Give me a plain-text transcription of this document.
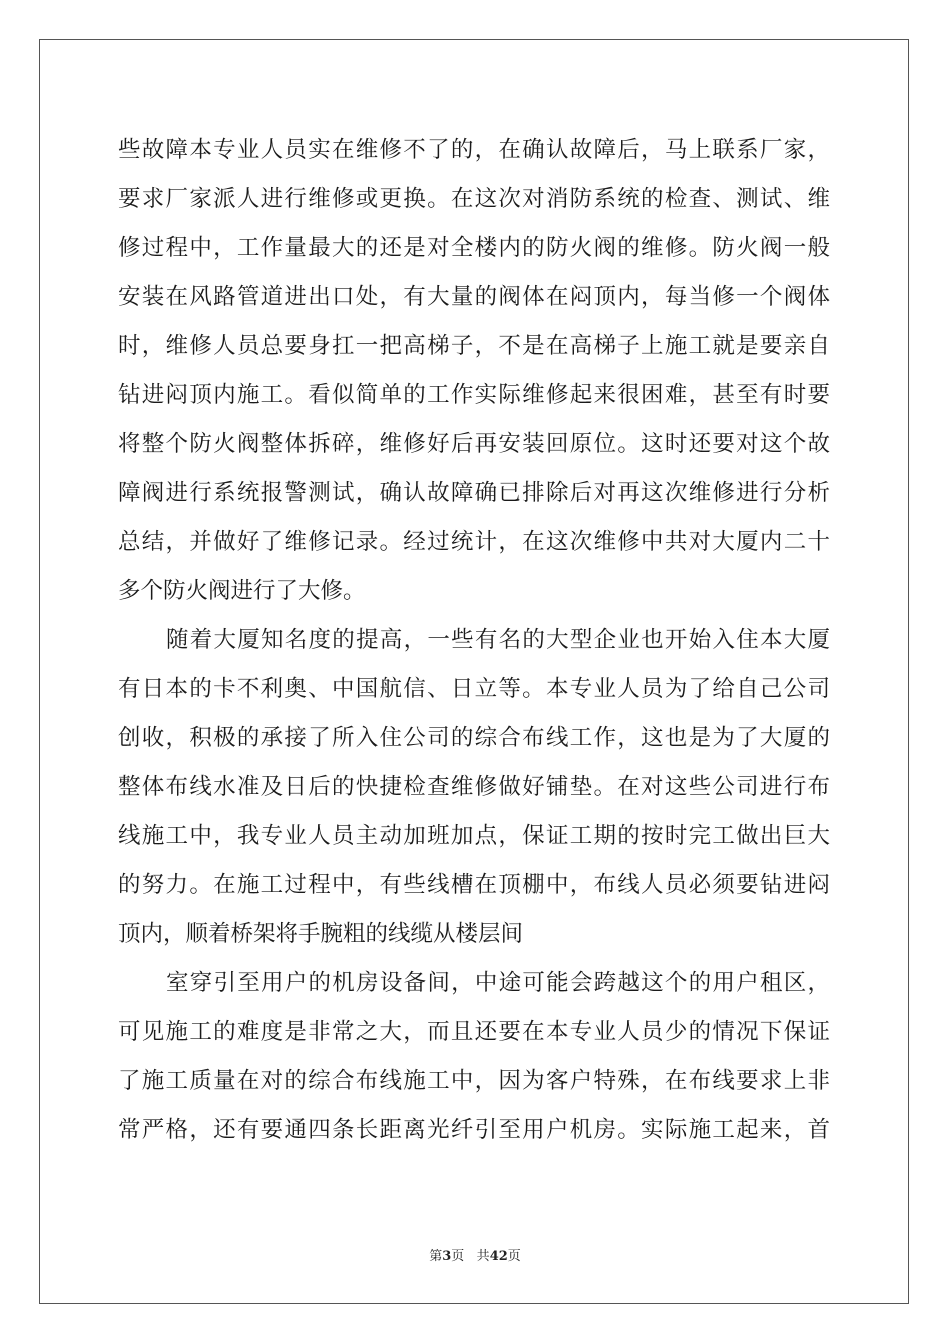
些故障本专业人员实在维修不了的，在确认故障后，马上联系厂家，
要求厂家派人进行维修或更换。在这次对消防系统的检查、测试、维
修过程中，工作量最大的还是对全楼内的防火阀的维修。防火阀一般
安装在风路管道进出口处，有大量的阀体在闷顶内，每当修一个阀体
时，维修人员总要身扛一把高梯子，不是在高梯子上施工就是要亲自
钻进闷顶内施工。看似简单的工作实际维修起来很困难，甚至有时要
将整个防火阀整体拆碎，维修好后再安装回原位。这时还要对这个故
障阀进行系统报警测试，确认故障确已排除后对再这次维修进行分析
总结，并做好了维修记录。经过统计，在这次维修中共对大厦内二十
多个防火阀进行了大修。
随着大厦知名度的提高，一些有名的大型企业也开始入住本大厦
有日本的卡不利奥、中国航信、日立等。本专业人员为了给自己公司
创收，积极的承接了所入住公司的综合布线工作，这也是为了大厦的
整体布线水准及日后的快捷检查维修做好铺垫。在对这些公司进行布
线施工中，我专业人员主动加班加点，保证工期的按时完工做出巨大
的努力。在施工过程中，有些线槽在顶棚中，布线人员必须要钻进闷
顶内，顺着桥架将手腕粗的线缆从楼层间
室穿引至用户的机房设备间，中途可能会跨越这个的用户租区，
可见施工的难度是非常之大，而且还要在本专业人员少的情况下保证
了施工质量在对的综合布线施工中，因为客户特殊，在布线要求上非
常严格，还有要通四条长距离光纤引至用户机房。实际施工起来，首
第3页 共42页
